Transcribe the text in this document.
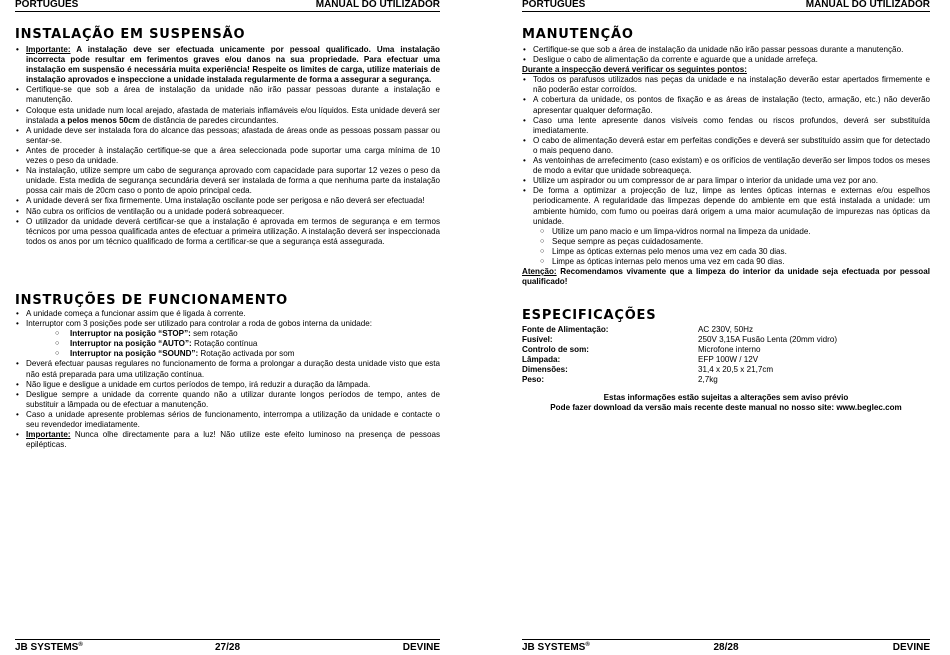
PORTUGUÊS	MANUAL DO UTILIZADOR
INSTALAÇÃO EM SUSPENSÃO
• Importante: A instalação deve ser efectuada unicamente por pessoal qualificado. Uma instalação incorrecta pode resultar em ferimentos graves e/ou danos na sua propriedade. Para efectuar uma instalação em suspensão é necessária muita experiência! Respeite os limites de carga, utilize materiais de instalação aprovados e inspeccione a unidade instalada regularmente de forma a assegurar a segurança.
• Certifique-se que sob a área de instalação da unidade não irão passar pessoas durante a instalação e manutenção.
• Coloque esta unidade num local arejado, afastada de materiais inflamáveis e/ou líquidos. Esta unidade deverá ser instalada a pelos menos 50cm de distância de paredes circundantes.
• A unidade deve ser instalada fora do alcance das pessoas; afastada de áreas onde as pessoas possam passar ou sentar-se.
• Antes de proceder à instalação certifique-se que a área seleccionada pode suportar uma carga mínima de 10 vezes o peso da unidade.
• Na instalação, utilize sempre um cabo de segurança aprovado com capacidade para suportar 12 vezes o peso da unidade. Esta medida de segurança secundária deverá ser instalada de forma a que nenhuma parte da instalação possa cair mais de 20cm caso o ponto de apoio principal ceda.
• A unidade deverá ser fixa firmemente. Uma instalação oscilante pode ser perigosa e não deverá ser efectuada!
• Não cubra os orifícios de ventilação ou a unidade poderá sobreaquecer.
• O utilizador da unidade deverá certificar-se que a instalação é aprovada em termos de segurança e em termos técnicos por uma pessoa qualificada antes de efectuar a primeira utilização. A instalação deverá ser inspeccionada todos os anos por um técnico qualificado de forma a certificar-se que a segurança está assegurada.
INSTRUÇÕES DE FUNCIONAMENTO
• A unidade começa a funcionar assim que é ligada à corrente.
• Interruptor com 3 posições pode ser utilizado para controlar a roda de gobos interna da unidade:
○ Interruptor na posição “STOP”: sem rotação
○ Interruptor na posição “AUTO”: Rotação contínua
○ Interruptor na posição “SOUND”: Rotação activada por som
• Deverá efectuar pausas regulares no funcionamento de forma a prolongar a duração desta unidade visto que esta não está preparada para uma utilização contínua.
• Não ligue e desligue a unidade em curtos períodos de tempo, irá reduzir a duração da lâmpada.
• Desligue sempre a unidade da corrente quando não a utilizar durante longos períodos de tempo, antes de substituir a lâmpada ou de efectuar a manutenção.
• Caso a unidade apresente problemas sérios de funcionamento, interrompa a utilização da unidade e contacte o seu revendedor imediatamente.
• Importante: Nunca olhe directamente para a luz! Não utilize este efeito luminoso na presença de pessoas epilépticas.
JB SYSTEMS®	27/28	DEVINE
PORTUGUÊS	MANUAL DO UTILIZADOR
MANUTENÇÃO
• Certifique-se que sob a área de instalação da unidade não irão passar pessoas durante a manutenção.
• Desligue o cabo de alimentação da corrente e aguarde que a unidade arrefeça.
Durante a inspecção deverá verificar os seguintes pontos:
• Todos os parafusos utilizados nas peças da unidade e na instalação deverão estar apertados firmemente e não poderão estar corroídos.
• A cobertura da unidade, os pontos de fixação e as áreas de instalação (tecto, armação, etc.) não deverão apresentar qualquer deformação.
• Caso uma lente apresente danos visíveis como fendas ou riscos profundos, deverá ser substituída imediatamente.
• O cabo de alimentação deverá estar em perfeitas condições e deverá ser substituído assim que for detectado o mais pequeno dano.
• As ventoinhas de arrefecimento (caso existam) e os orifícios de ventilação deverão ser limpos todos os meses de modo a evitar que unidade sobreaqueça.
• Utilize um aspirador ou um compressor de ar para limpar o interior da unidade uma vez por ano.
• De forma a optimizar a projecção de luz, limpe as lentes ópticas internas e externas e/ou espelhos periodicamente. A regularidade das limpezas depende do ambiente em que está instalada a unidade: um ambiente húmido, com fumo ou poeiras dará origem a uma maior acumulação de impurezas nas ópticas da unidade.
○ Utilize um pano macio e um limpa-vidros normal na limpeza da unidade.
○ Seque sempre as peças cuidadosamente.
○ Limpe as ópticas externas pelo menos uma vez em cada 30 dias.
○ Limpe as ópticas internas pelo menos uma vez em cada 90 dias.
Atenção: Recomendamos vivamente que a limpeza do interior da unidade seja efectuada por pessoal qualificado!
ESPECIFICAÇÕES
Fonte de Alimentação:	AC 230V, 50Hz
Fusível:	250V 3,15A Fusão Lenta (20mm vidro)
Controlo de som:	Microfone interno
Lâmpada:	EFP 100W / 12V
Dimensões:	31,4 x 20,5 x 21,7cm
Peso:	2,7kg
Estas informações estão sujeitas a alterações sem aviso prévio
Pode fazer download da versão mais recente deste manual no nosso site: www.beglec.com
JB SYSTEMS®	28/28	DEVINE
